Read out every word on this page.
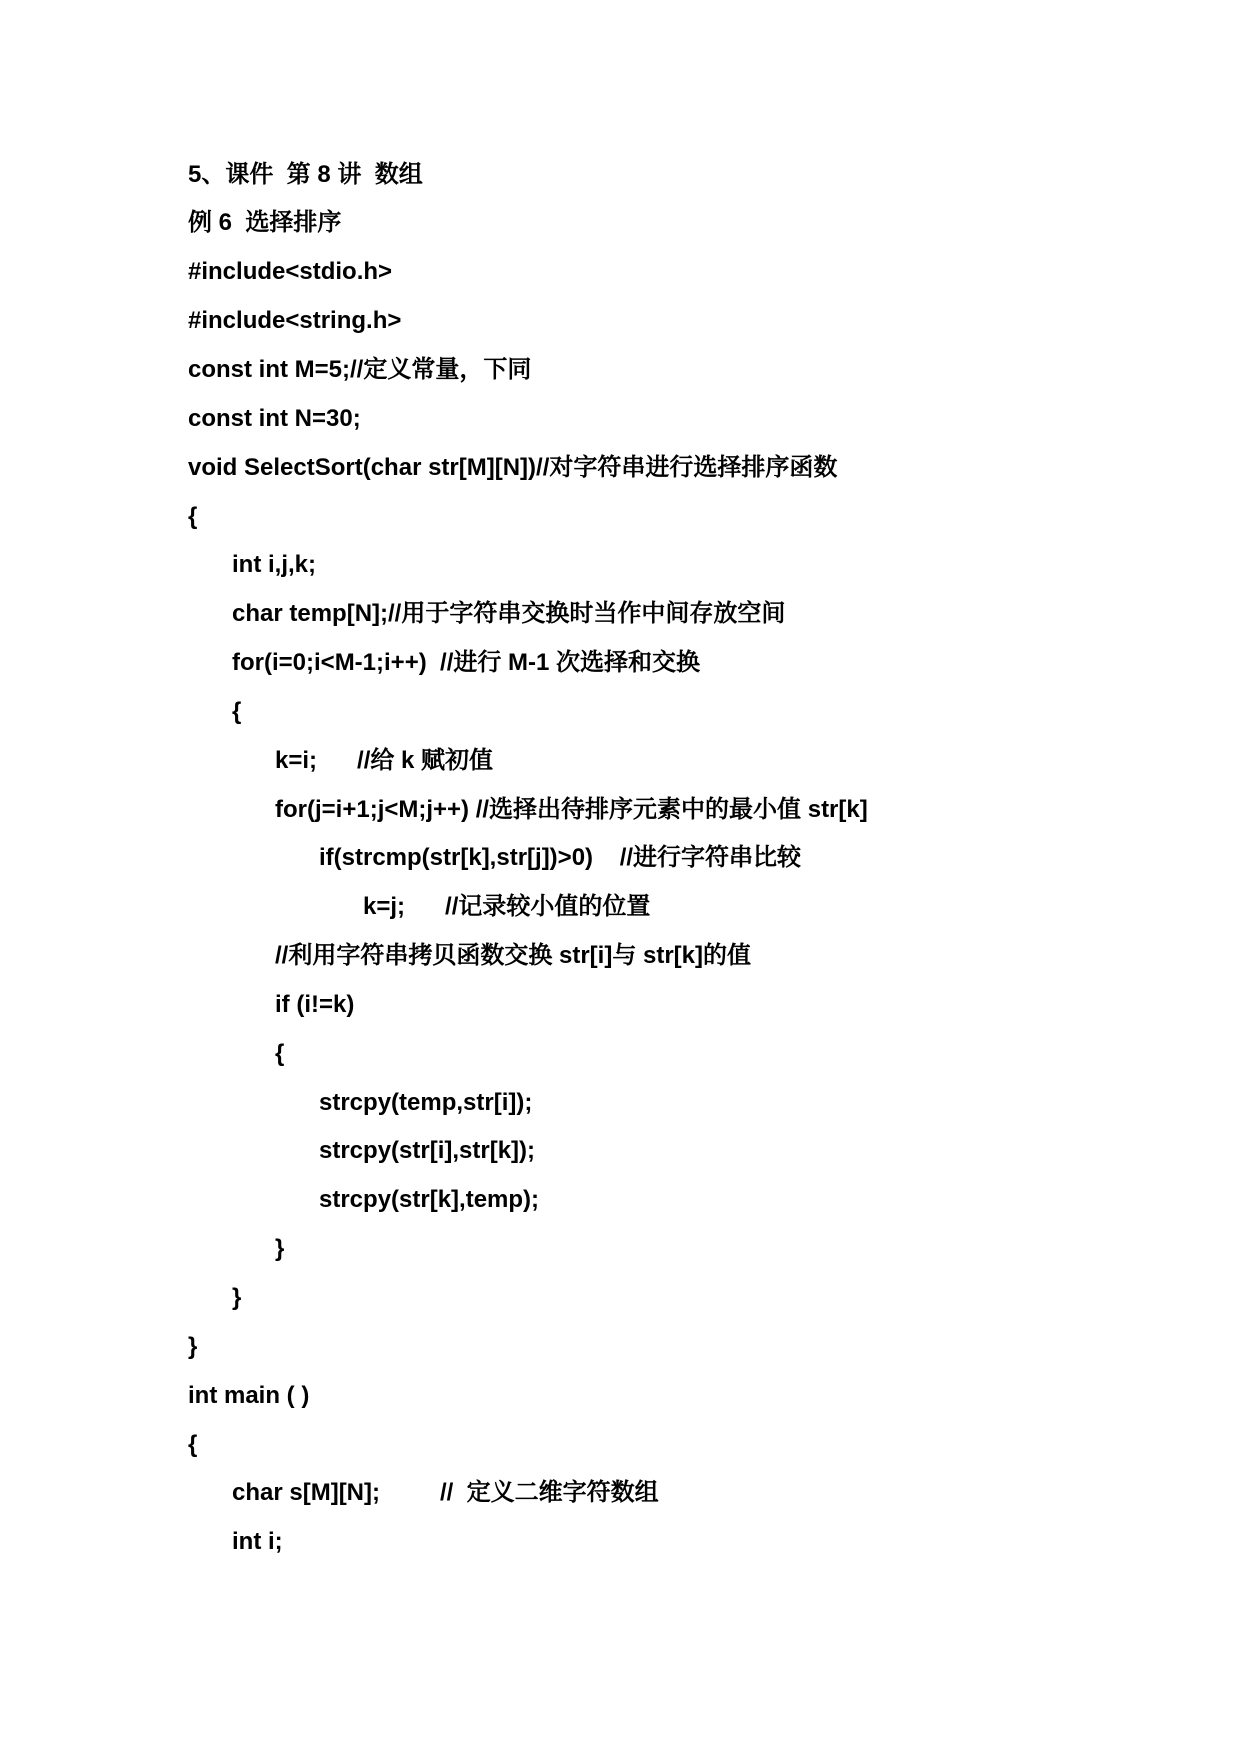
5、课件  第 8 讲  数组
例 6  选择排序
#include<stdio.h>
#include<string.h>
const int M=5;//定义常量，下同
const int N=30;
void SelectSort(char str[M][N])//对字符串进行选择排序函数
{
int i,j,k;
char temp[N];//用于字符串交换时当作中间存放空间
for(i=0;i<M-1;i++)  //进行 M-1 次选择和交换
{
k=i;      //给 k 赋初值
for(j=i+1;j<M;j++) //选择出待排序元素中的最小值 str[k]
if(strcmp(str[k],str[j])>0)    //进行字符串比较
k=j;      //记录较小值的位置
//利用字符串拷贝函数交换 str[i]与 str[k]的值
if (i!=k)
{
strcpy(temp,str[i]);
strcpy(str[i],str[k]);
strcpy(str[k],temp);
}
}
}
int main ( )
{
char s[M][N];         //  定义二维字符数组
int i;
